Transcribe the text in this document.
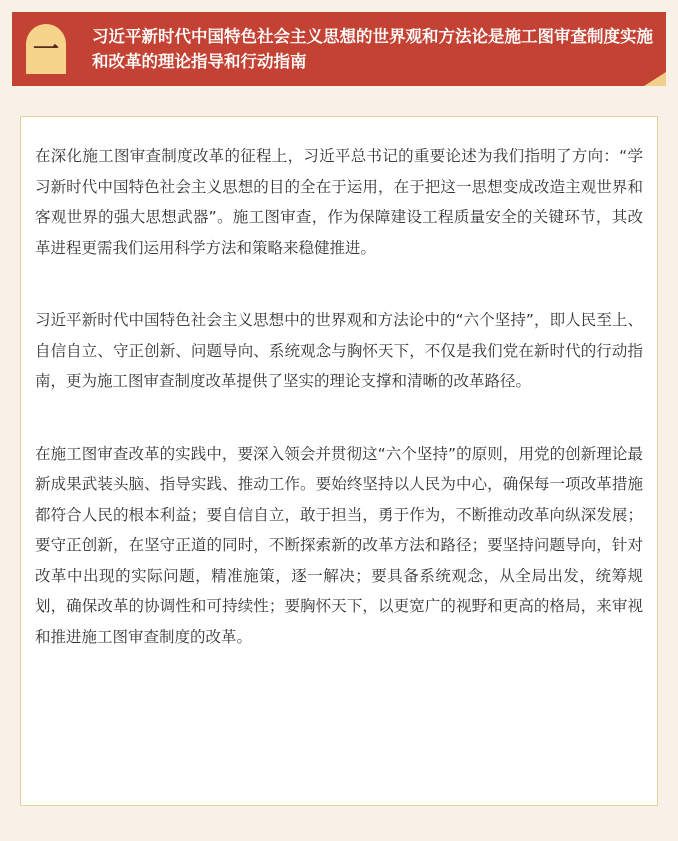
一 习近平新时代中国特色社会主义思想的世界观和方法论是施工图审查制度实施和改革的理论指导和行动指南

在深化施工图审查制度改革的征程上，习近平总书记的重要论述为我们指明了方向：“学习新时代中国特色社会主义思想的目的全在于运用，在于把这一思想变成改造主观世界和客观世界的强大思想武器”。施工图审查，作为保障建设工程质量安全的关键环节，其改革进程更需我们运用科学方法和策略来稳健推进。

习近平新时代中国特色社会主义思想中的世界观和方法论中的“六个坚持”，即人民至上、自信自立、守正创新、问题导向、系统观念与胸怀天下，不仅是我们党在新时代的行动指南，更为施工图审查制度改革提供了坚实的理论支撑和清晰的改革路径。

在施工图审查改革的实践中，要深入领会并贯彻这“六个坚持”的原则，用党的创新理论最新成果武装头脑、指导实践、推动工作。要始终坚持以人民为中心，确保每一项改革措施都符合人民的根本利益；要自信自立，敢于担当，勇于作为，不断推动改革向纵深发展；要守正创新，在坚守正道的同时，不断探索新的改革方法和路径；要坚持问题导向，针对改革中出现的实际问题，精准施策，逐一解决；要具备系统观念，从全局出发，统筹规划，确保改革的协调性和可持续性；要胸怀天下，以更宽广的视野和更高的格局，来审视和推进施工图审查制度的改革。
